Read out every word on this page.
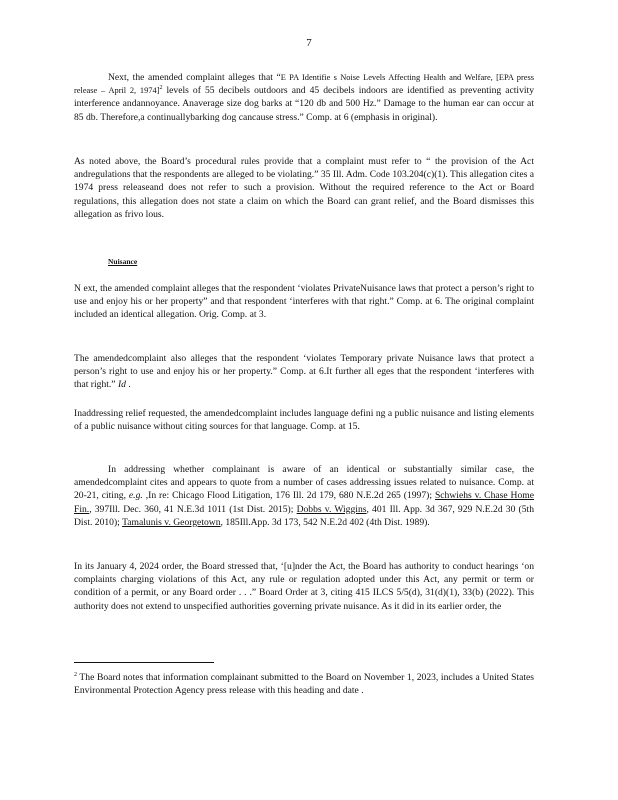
7

Next, the amended complaint alleges that “E PA Identifie s Noise Levels Affecting Health and Welfare, [EPA press release – April 2, 1974]$^2$ levels of 55 decibels outdoors and 45 decibels indoors are identified as preventing activity interference andannoyance. Anaverage size dog barks at “120 db and 500 Hz.” Damage to the human ear can occur at 85 db. Therefore,a continuallybarking dog cancause stress.” Comp. at 6 (emphasis in original).

As noted above, the Board’s procedural rules provide that a complaint must refer to “ the provision of the Act andregulations that the respondents are alleged to be violating.” 35 Ill. Adm. Code 103.204(c)(1). This allegation cites a 1974 press releaseand does not refer to such a provision. Without the required reference to the Act or Board regulations, this allegation does not state a claim on which the Board can grant relief, and the Board dismisses this allegation as frivo lous.

Nuisance

N ext, the amended complaint alleges that the respondent ‘violates PrivateNuisance laws that protect a person’s right to use and enjoy his or her property” and that respondent ‘interferes with that right.” Comp. at 6. The original complaint included an identical allegation. Orig. Comp. at 3.

The amendedcomplaint also alleges that the respondent ‘violates Temporary private Nuisance laws that protect a person’s right to use and enjoy his or her property.” Comp. at 6.It further all eges that the respondent ‘interferes with that right.” Id .

Inaddressing relief requested, the amendedcomplaint includes language defini ng a public nuisance and listing elements of a public nuisance without citing sources for that language. Comp. at 15.

In addressing whether complainant is aware of an identical or substantially similar case, the amendedcomplaint cites and appears to quote from a number of cases addressing issues related to nuisance. Comp. at 20-21, citing, e.g. ,In re: Chicago Flood Litigation, 176 Ill. 2d 179, 680 N.E.2d 265 (1997); Schwiehs v. Chase Home Fin., 397Ill. Dec. 360, 41 N.E.3d 1011 (1st Dist. 2015); Dobbs v. Wiggins, 401 Ill. App. 3d 367, 929 N.E.2d 30 (5th Dist. 2010); Tamalunis v. Georgetown, 185Ill.App. 3d 173, 542 N.E.2d 402 (4th Dist. 1989).

In its January 4, 2024 order, the Board stressed that, ‘[u]nder the Act, the Board has authority to conduct hearings ‘on complaints charging violations of this Act, any rule or regulation adopted under this Act, any permit or term or condition of a permit, or any Board order . . .” Board Order at 3, citing 415 ILCS 5/5(d), 31(d)(1), 33(b) (2022). This authority does not extend to unspecified authorities governing private nuisance. As it did in its earlier order, the

$^2$ The Board notes that information complainant submitted to the Board on November 1, 2023, includes a United States Environmental Protection Agency press release with this heading and date .
